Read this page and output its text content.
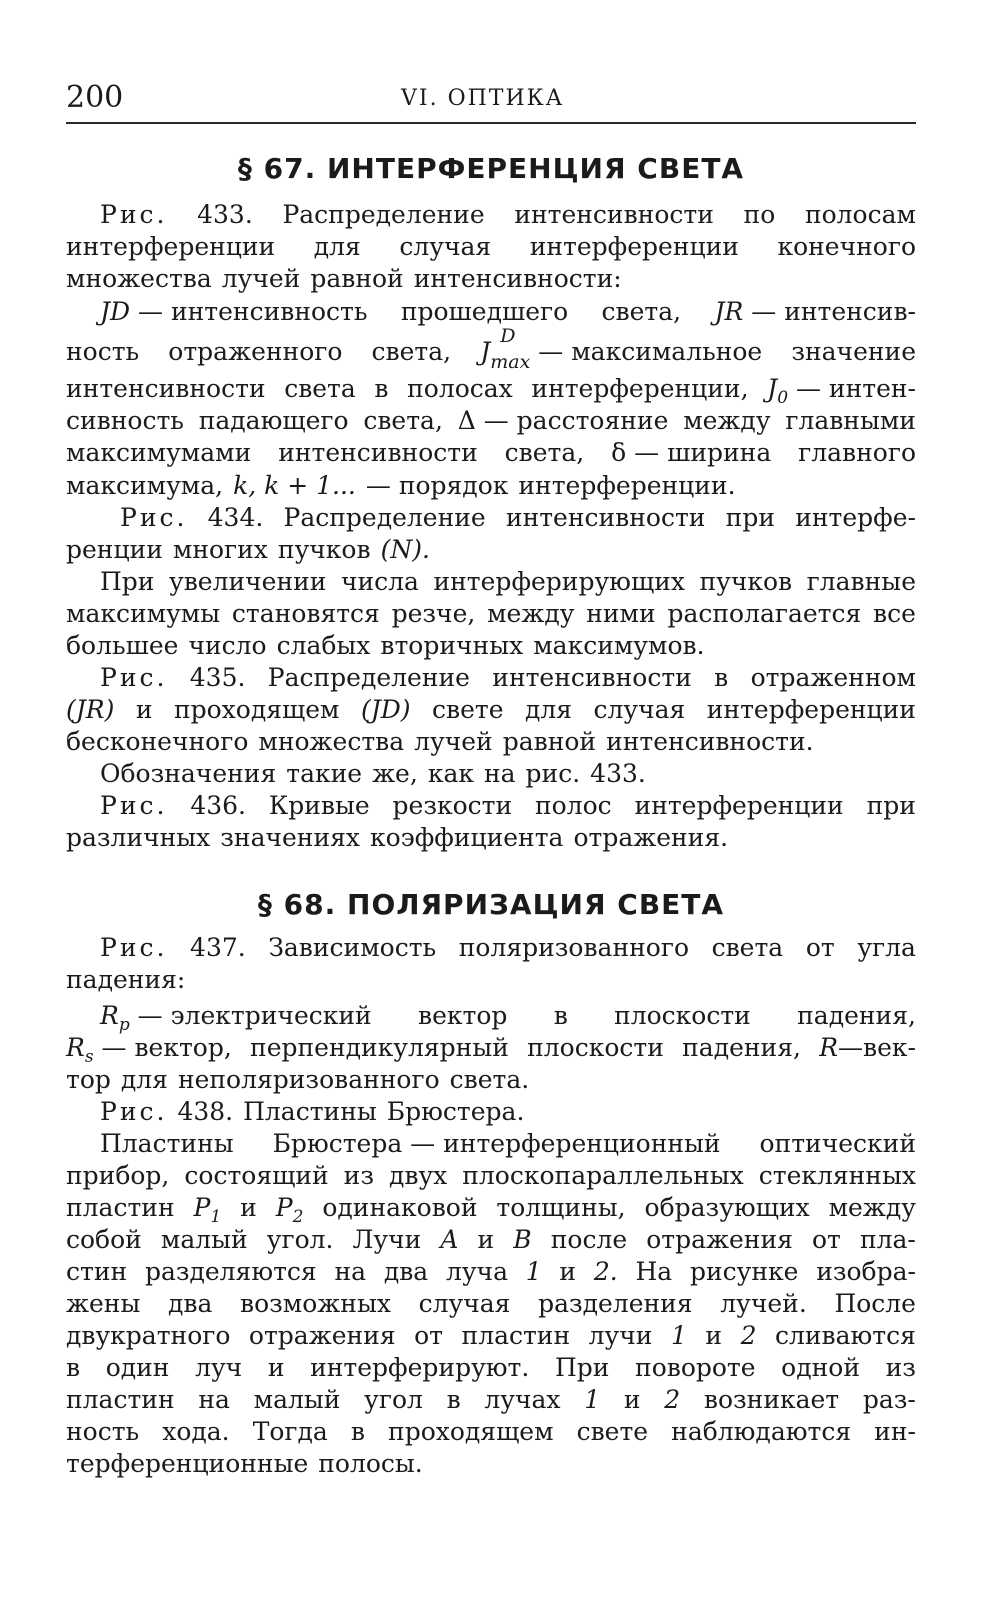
200	VI. ОПТИКА
§ 67. ИНТЕРФЕРЕНЦИЯ СВЕТА
Рис. 433. Распределение интенсивности по полосам
интерференции для случая интерференции конечного
множества лучей равной интенсивности:
JD — интенсивность прошедшего света, JR — интенсив-
ность отраженного света, J
D
$_{max}$ — максимальное значение
интенсивности света в полосах интерференции, $J_0$ — интен-
сивность падающего света, Δ — расстояние между главными
максимумами интенсивности света, δ — ширина главного
максимума, k, k + 1... — порядок интерференции.
Рис. 434. Распределение интенсивности при интерфе-
ренции многих пучков (N).
При увеличении числа интерферирующих пучков главные
максимумы становятся резче, между ними располагается все
большее число слабых вторичных максимумов.
Рис. 435. Распределение интенсивности в отраженном
(JR) и проходящем (JD) свете для случая интерференции
бесконечного множества лучей равной интенсивности.
Обозначения такие же, как на рис. 433.
Рис. 436. Кривые резкости полос интерференции при
различных значениях коэффициента отражения.
§ 68. ПОЛЯРИЗАЦИЯ СВЕТА
Рис. 437. Зависимость поляризованного света от угла
падения:
$R_p$ — электрический вектор в плоскости падения,
$R_s$ — вектор, перпендикулярный плоскости падения, R—век-
тор для неполяризованного света.
Рис. 438. Пластины Брюстера.
Пластины Брюстера — интерференционный оптический
прибор, состоящий из двух плоскопараллельных стеклянных
пластин $P_1$ и $P_2$ одинаковой толщины, образующих между
собой малый угол. Лучи A и B после отражения от пла-
стин разделяются на два луча 1 и 2. На рисунке изобра-
жены два возможных случая разделения лучей. После
двукратного отражения от пластин лучи 1 и 2 сливаются
в один луч и интерферируют. При повороте одной из
пластин на малый угол в лучах 1 и 2 возникает раз-
ность хода. Тогда в проходящем свете наблюдаются ин-
терференционные полосы.
